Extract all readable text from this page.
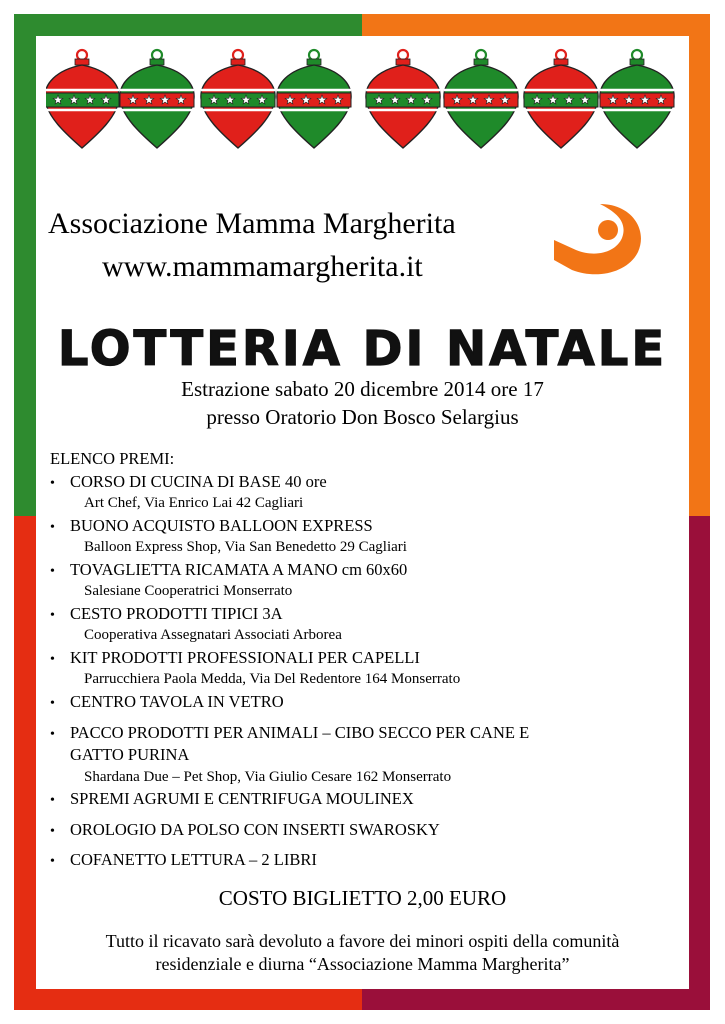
Associazione Mamma Margherita
www.mammamargherita.it
LOTTERIA DI NATALE
Estrazione sabato 20 dicembre 2014 ore 17
presso Oratorio Don Bosco Selargius
ELENCO PREMI:
• CORSO DI CUCINA DI BASE 40 ore
Art Chef, Via Enrico Lai 42 Cagliari
• BUONO ACQUISTO BALLOON EXPRESS
Balloon Express Shop, Via San Benedetto 29 Cagliari
• TOVAGLIETTA RICAMATA A MANO cm 60x60
Salesiane Cooperatrici Monserrato
• CESTO PRODOTTI TIPICI 3A
Cooperativa Assegnatari Associati Arborea
• KIT PRODOTTI PROFESSIONALI PER CAPELLI
Parrucchiera Paola Medda, Via Del Redentore 164 Monserrato
• CENTRO TAVOLA IN VETRO
• PACCO PRODOTTI PER ANIMALI – CIBO SECCO PER CANE E
GATTO PURINA
Shardana Due – Pet Shop, Via Giulio Cesare 162 Monserrato
• SPREMI AGRUMI E CENTRIFUGA MOULINEX
• OROLOGIO DA POLSO CON INSERTI SWAROSKY
• COFANETTO LETTURA – 2 LIBRI
COSTO BIGLIETTO 2,00 EURO
Tutto il ricavato sarà devoluto a favore dei minori ospiti della comunità
residenziale e diurna “Associazione Mamma Margherita”
